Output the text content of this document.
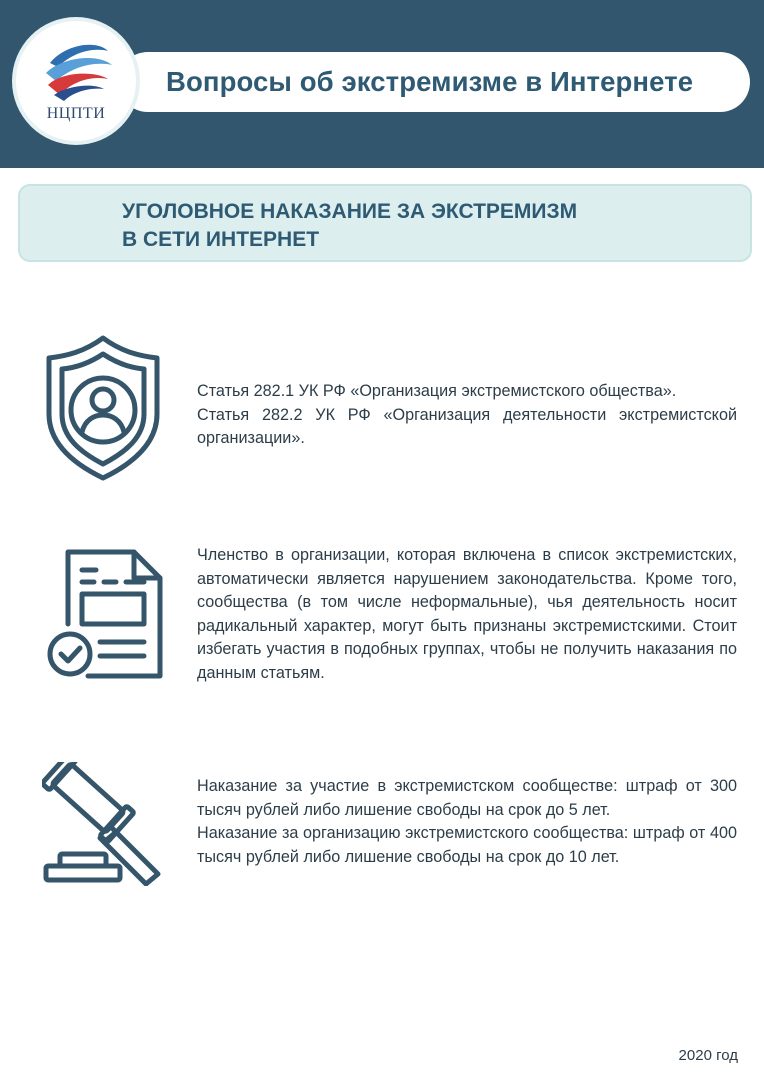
Вопросы об экстремизме в Интернете
НЦПТИ
УГОЛОВНОЕ НАКАЗАНИЕ ЗА ЭКСТРЕМИЗМ
В СЕТИ ИНТЕРНЕТ

Статья 282.1 УК РФ «Организация экстремистского общества».

Статья 282.2 УК РФ «Организация деятельности экстремистской организации».

Членство в организации, которая включена в список экстремистских, автоматически является нарушением законодательства. Кроме того, сообщества (в том числе неформальные), чья деятельность носит радикальный характер, могут быть признаны экстремистскими. Стоит избегать участия в подобных группах, чтобы не получить наказания по данным статьям.

Наказание за участие в экстремистском сообществе: штраф от 300 тысяч рублей либо лишение свободы на срок до 5 лет.

Наказание за организацию экстремистского сообщества: штраф от 400 тысяч рублей либо лишение свободы на срок до 10 лет.

2020 год
